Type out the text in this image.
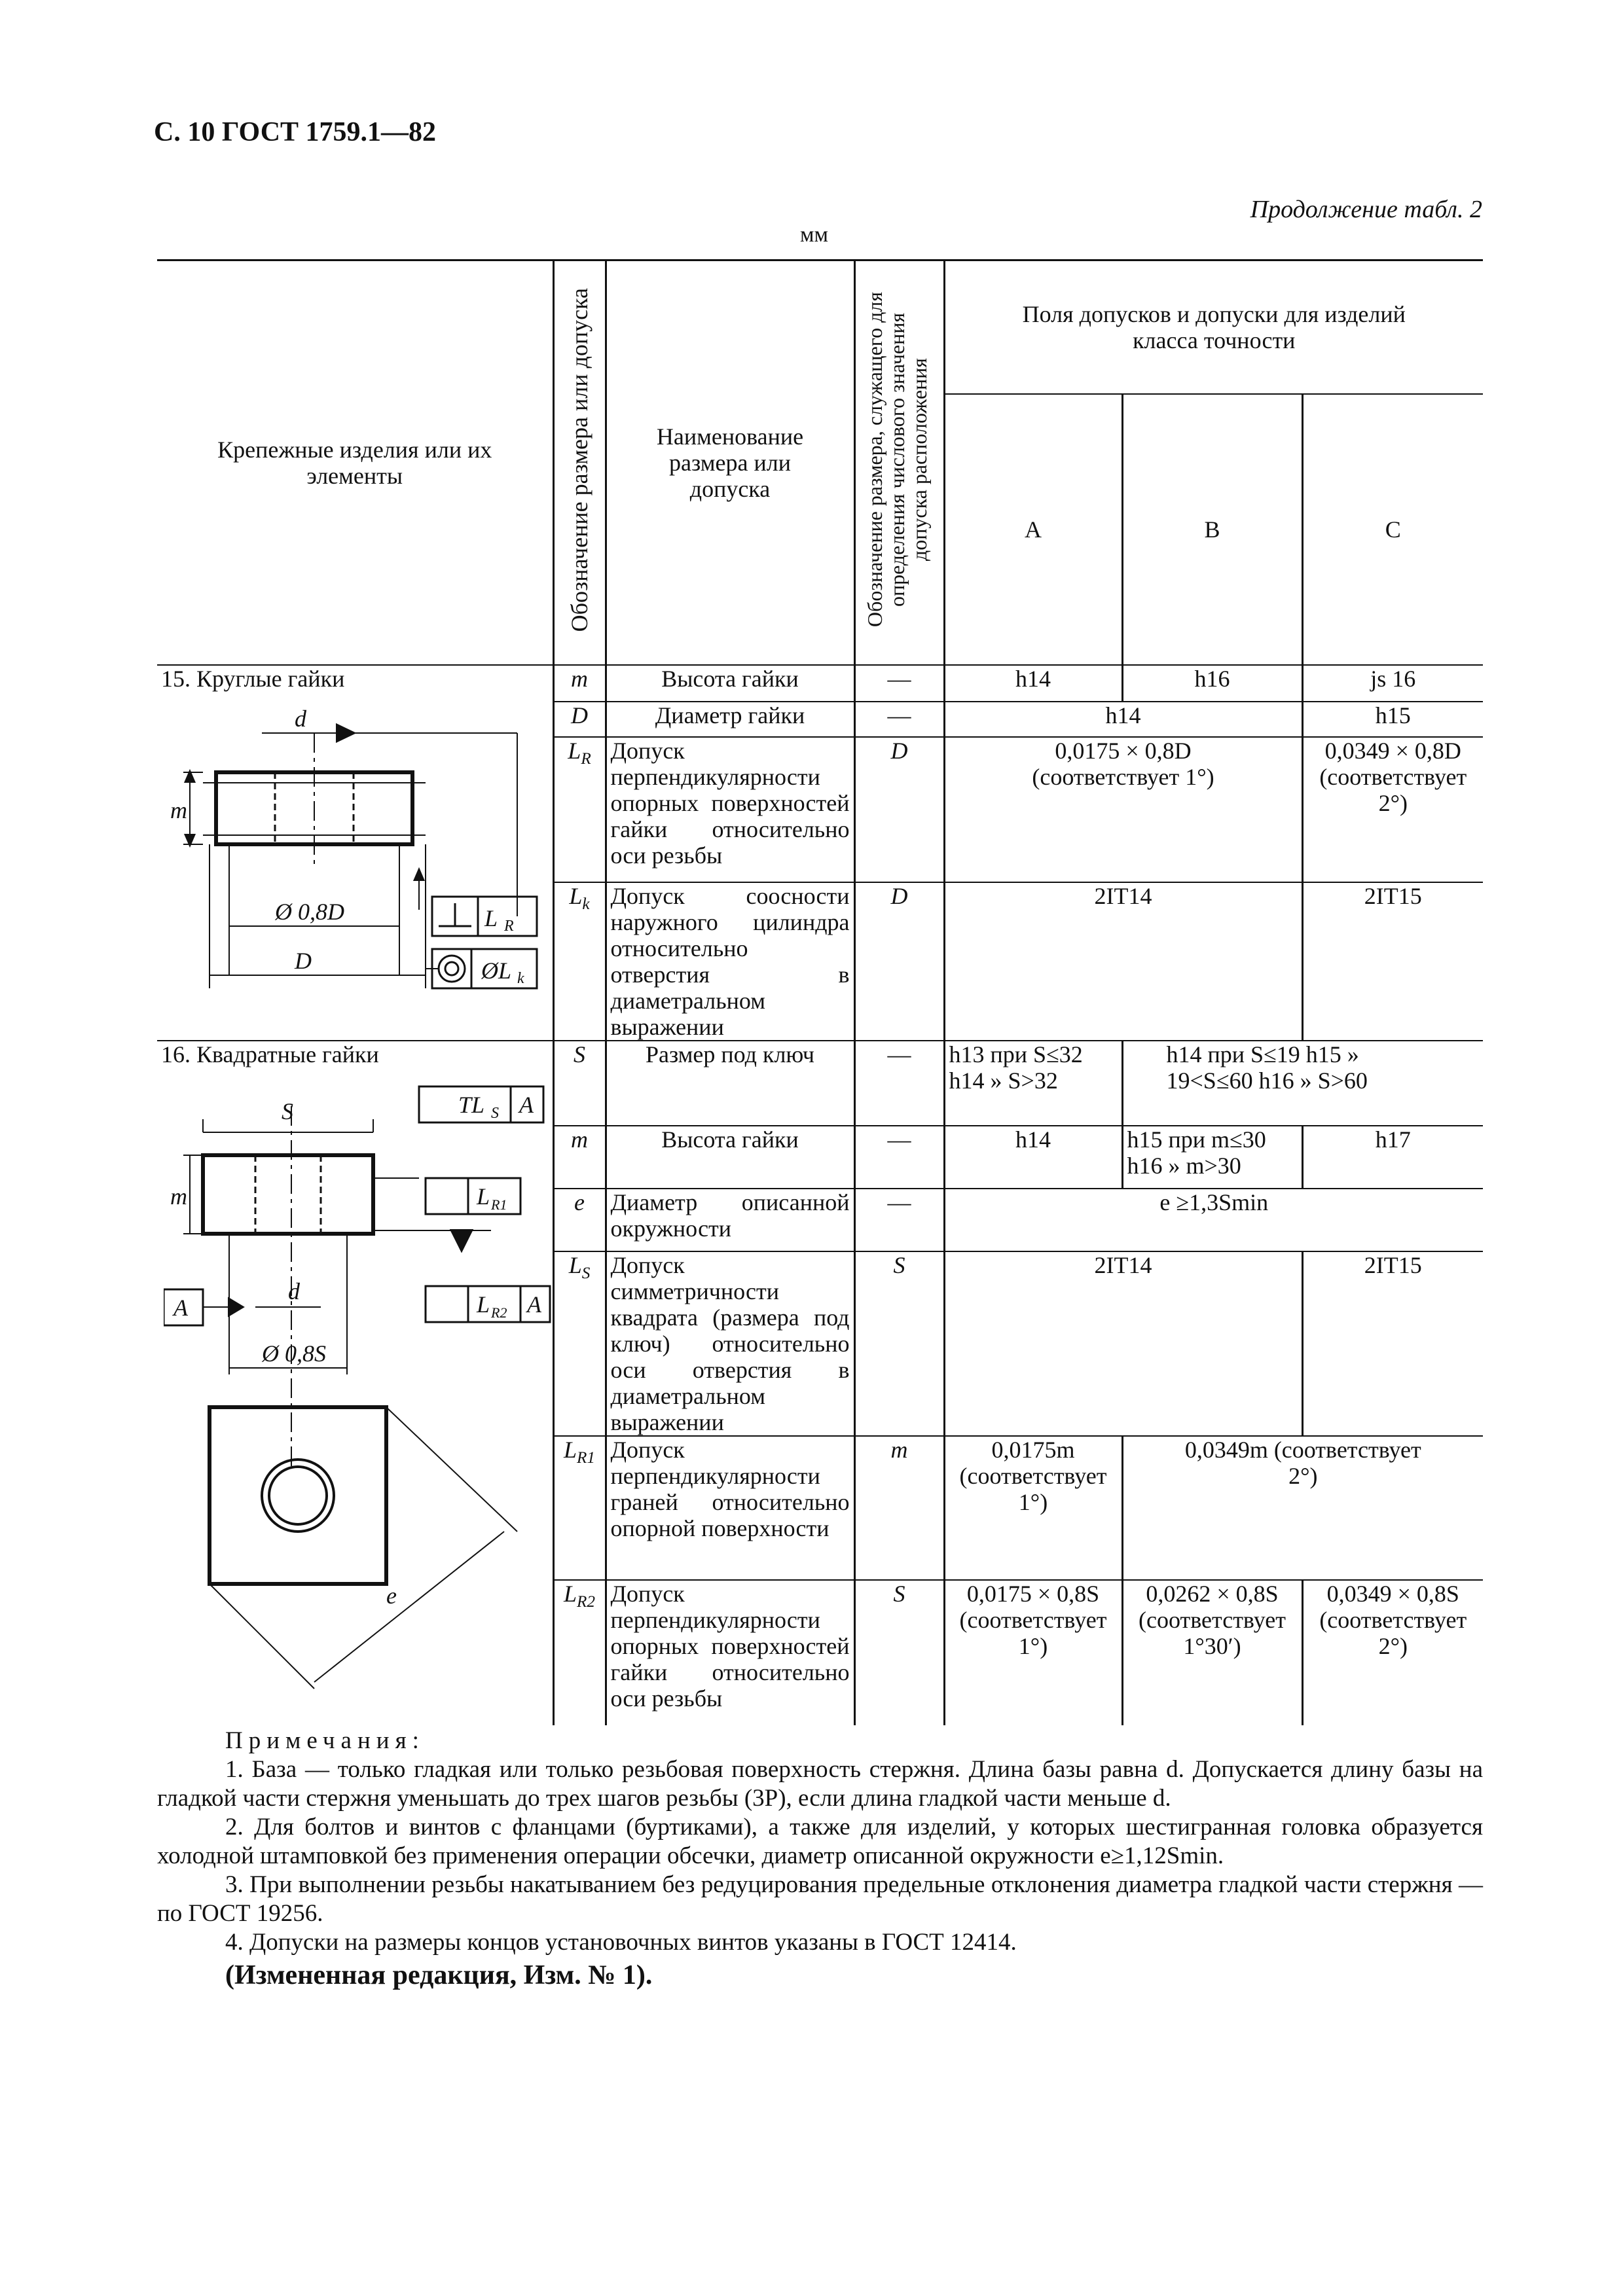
С. 10 ГОСТ 1759.1—82
Продолжение табл. 2
мм
Крепежные изделия или их элементы	Обозначение размера или допуска	Наименование размера или допуска	Обозначение размера, служащего для определения числового значения допуска расположения	Поля допусков и допуски для изделий класса точности		
				А	В	С
15. Круглые гайки	m	Высота гайки	—	h14	h16	js 16
	D	Диаметр гайки	—	h14		h15
	$L_R$	Допуск перпендикулярности опорных поверхностей гайки относительно оси резьбы	D	0,0175 × 0,8D (соответствует 1°)		0,0349 × 0,8D (соответствует 2°)
	$L_k$	Допуск соосности наружного цилиндра относительно отверстия в диаметральном выражении	D	2IT14		2IT15
16. Квадратные гайки	S	Размер под ключ	—	h13 при S≤32 h14 » S>32	h14 при S≤19 h15 » 19<S≤60 h16 » S>60	
	m	Высота гайки	—	h14	h15 при m≤30 h16 » m>30	h17
	e	Диаметр описанной окружности	—	e ≥1,3Smin		
	$L_S$	Допуск симметричности квадрата (размера под ключ) относительно оси отверстия в диаметральном выражении	S	2IT14		2IT15
	$L_{R1}$	Допуск перпендикулярности граней относительно опорной поверхности	m	0,0175m (соответствует 1°)	0,0349m (соответствует 2°)	
	$L_{R2}$	Допуск перпендикулярности опорных поверхностей гайки относительно оси резьбы	S	0,0175 × 0,8S (соответствует 1°)	0,0262 × 0,8S (соответствует 1°30′)	0,0349 × 0,8S (соответствует 2°)
d
m
Ø 0,8D
D
L R
ØL k
S	TL S A
m	L R1
d
A	L R2 A
Ø 0,8S
e

Примечания:

1. База — только гладкая или только резьбовая поверхность стержня. Длина базы равна d. Допускается длину базы на гладкой части стержня уменьшать до трех шагов резьбы (3P), если длина гладкой части меньше d.

2. Для болтов и винтов с фланцами (буртиками), а также для изделий, у которых шестигранная головка образуется холодной штамповкой без применения операции обсечки, диаметр описанной окружности e≥1,12Smin.

3. При выполнении резьбы накатыванием без редуцирования предельные отклонения диаметра гладкой части стержня — по ГОСТ 19256.

4. Допуски на размеры концов установочных винтов указаны в ГОСТ 12414.

(Измененная редакция, Изм. № 1).
